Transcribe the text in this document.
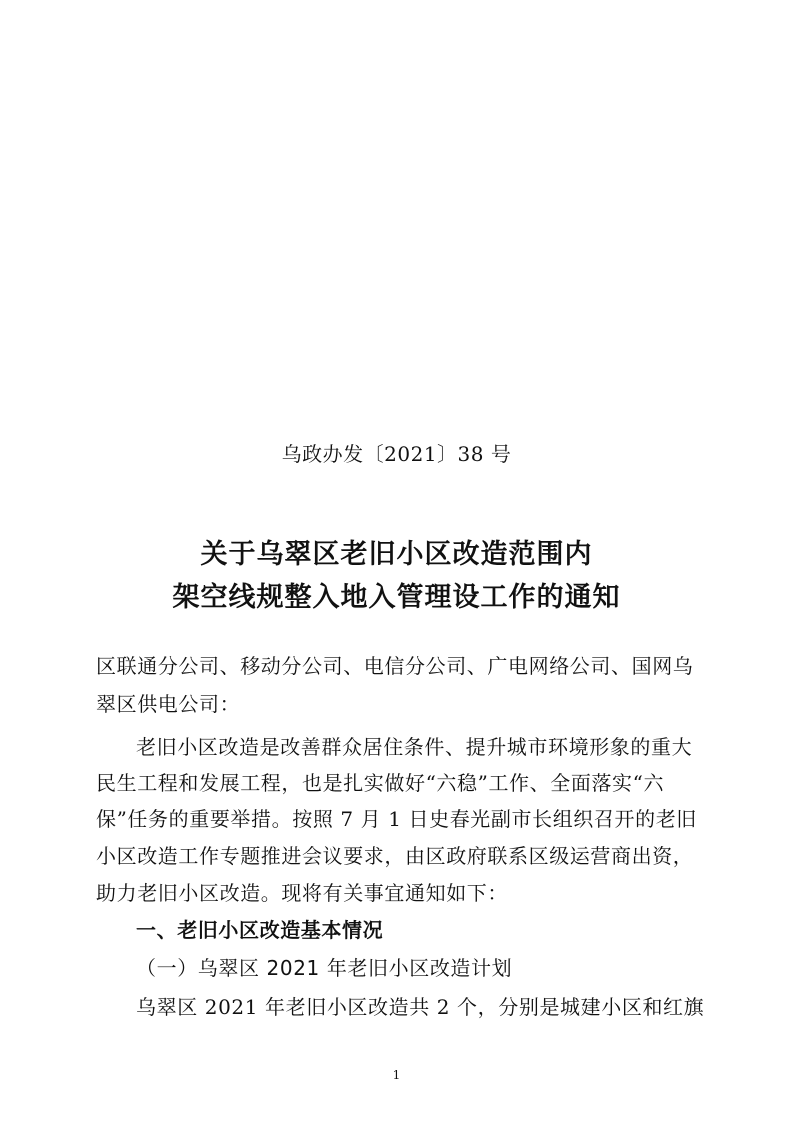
乌政办发〔2021〕38 号
关于乌翠区老旧小区改造范围内
架空线规整入地入管理设工作的通知
区联通分公司、移动分公司、电信分公司、广电网络公司、国网乌
翠区供电公司：
老旧小区改造是改善群众居住条件、提升城市环境形象的重大
民生工程和发展工程，也是扎实做好“六稳”工作、全面落实“六
保”任务的重要举措。按照 7 月 1 日史春光副市长组织召开的老旧
小区改造工作专题推进会议要求，由区政府联系区级运营商出资，
助力老旧小区改造。现将有关事宜通知如下：
一、老旧小区改造基本情况
（一）乌翠区 2021 年老旧小区改造计划
乌翠区 2021 年老旧小区改造共 2 个，分别是城建小区和红旗
1
